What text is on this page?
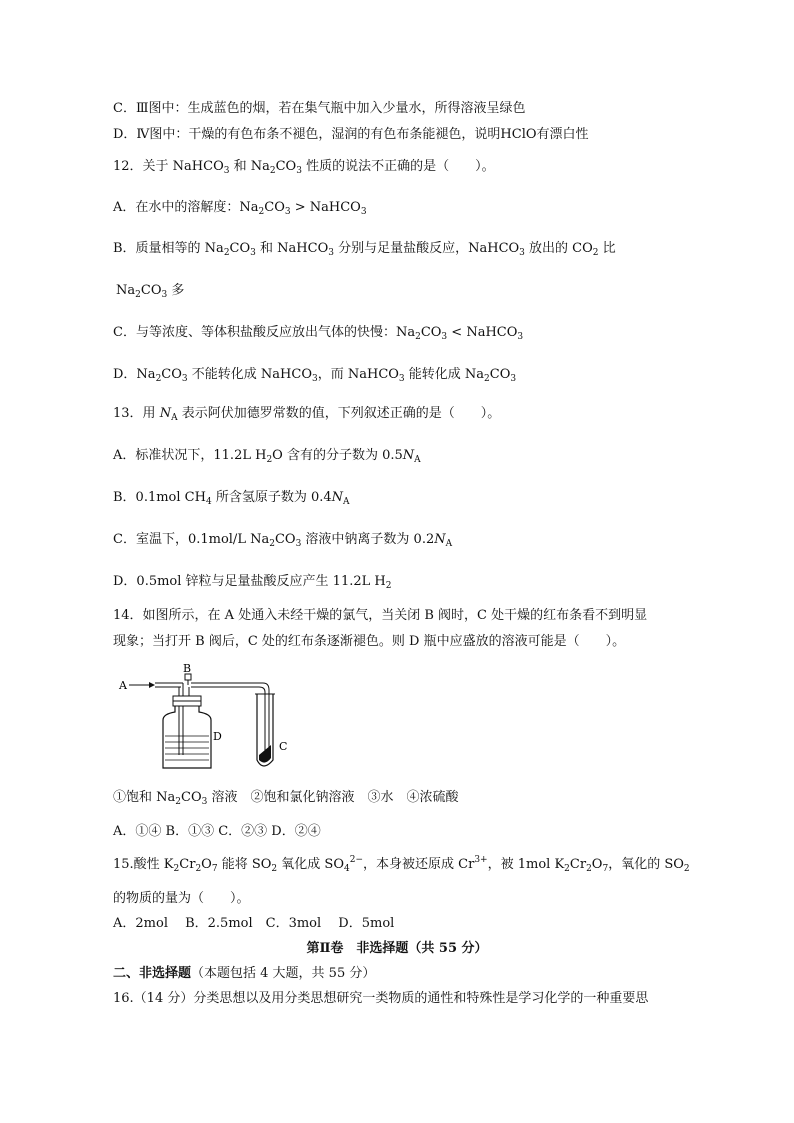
C．Ⅲ图中：生成蓝色的烟，若在集气瓶中加入少量水，所得溶液呈绿色
D．Ⅳ图中：干燥的有色布条不褪色，湿润的有色布条能褪色，说明HClO有漂白性
12．关于 NaHCO$_3$ 和 $Na_2CO_3$ 性质的说法不正确的是（　　）。
A．在水中的溶解度：$Na_2CO_3$ > NaHCO$_3$
B．质量相等的 $Na_2CO_3$ 和 NaHCO$_3$ 分别与足量盐酸反应，NaHCO$_3$ 放出的 $CO_2$ 比
$Na_2CO_3$ 多
C．与等浓度、等体积盐酸反应放出气体的快慢：$Na_2CO_3$ < NaHCO$_3$
D．$Na_2CO_3$ 不能转化成 NaHCO$_3$，而 NaHCO$_3$ 能转化成 $Na_2CO_3$
13．用 $N_A$ 表示阿伏加德罗常数的值，下列叙述正确的是（　　）。
A．标准状况下，11.2L $H_2O$ 含有的分子数为 $0.5N_A$
B．0.1mol $CH_4$ 所含氢原子数为 $0.4N_A$
C．室温下，0.1mol/L $Na_2CO_3$ 溶液中钠离子数为 $0.2N_A$
D．0.5mol 锌粒与足量盐酸反应产生 11.2L $H_2$
14．如图所示，在 A 处通入未经干燥的氯气，当关闭 B 阀时，C 处干燥的红布条看不到明显
现象；当打开 B 阀后，C 处的红布条逐渐褪色。则 D 瓶中应盛放的溶液可能是（　　）。
A
B
D
C
①饱和 $Na_2CO_3$ 溶液　②饱和氯化钠溶液　③水　④浓硫酸
A．①④ B．①③ C．②③ D．②④
15.酸性 $K_2Cr_2O_7$ 能将 $SO_2$ 氧化成 $SO_4^{2-}$，本身被还原成 $Cr^{3+}$，被 1mol $K_2Cr_2O_7$，氧化的 $SO_2$
的物质的量为（　　）。
A．2mol　 B．2.5mol　C．3mol　 D．5mol
第Ⅱ卷　非选择题（共 55 分）
二、非选择题（本题包括 4 大题，共 55 分）
16.（14 分）分类思想以及用分类思想研究一类物质的通性和特殊性是学习化学的一种重要思
